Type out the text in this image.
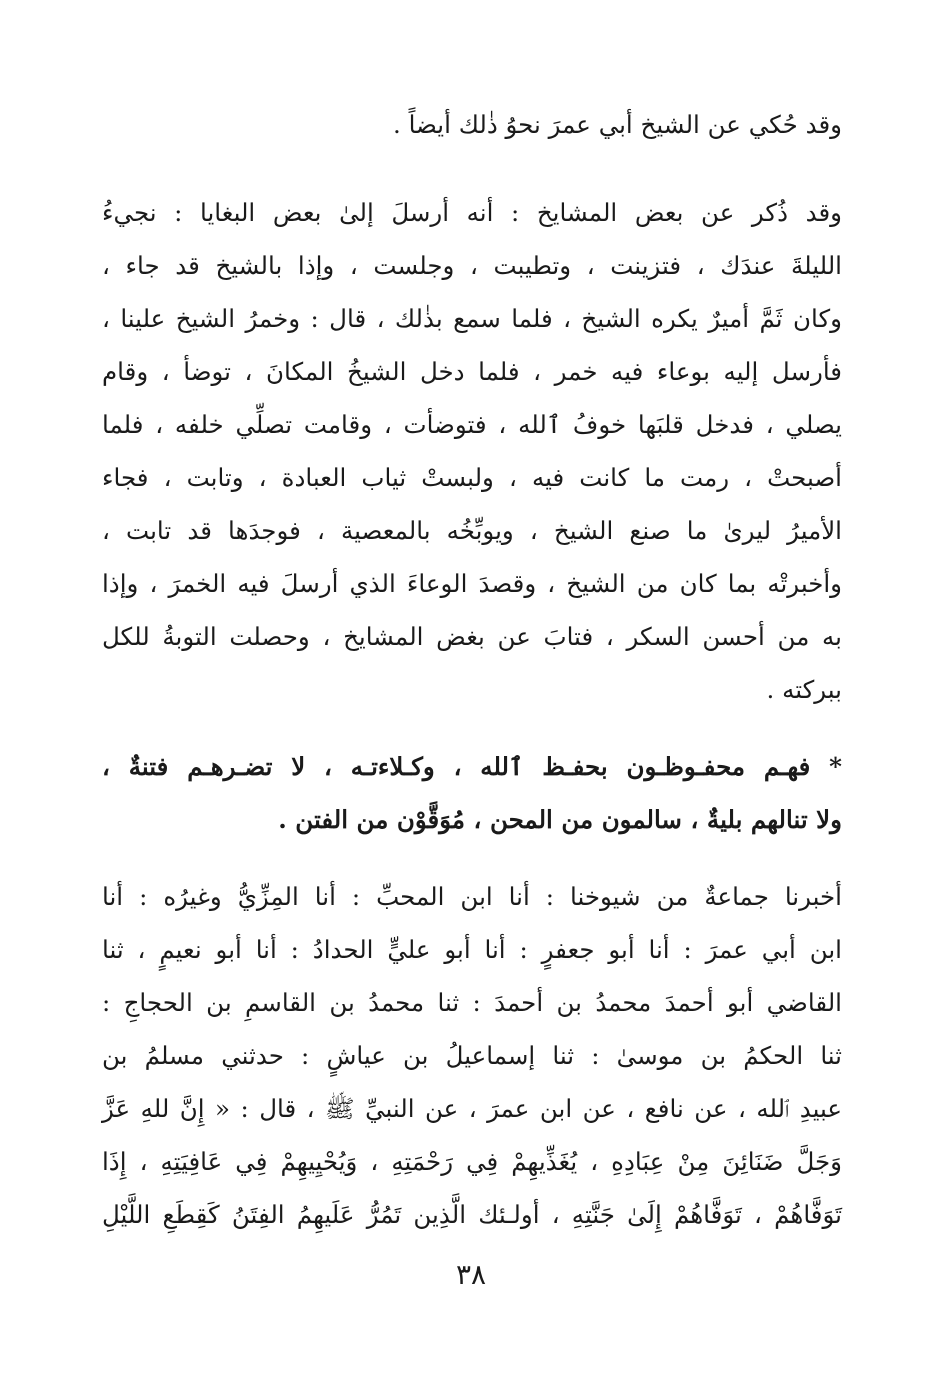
وقد حُكي عن الشيخ أبي عمرَ نحوُ ذٰلك أيضاً .
وقد ذُكر عن بعض المشايخ : أنه أرسلَ إلىٰ بعض البغايا : نجيءُ
الليلةَ عندَك ، فتزينت ، وتطيبت ، وجلست ، وإذا بالشيخ قد جاء ،
وكان ثَمَّ أميرٌ يكره الشيخ ، فلما سمع بذٰلك ، قال : وخمرُ الشيخ علينا ،
فأرسل إليه بوعاء فيه خمر ، فلما دخل الشيخُ المكانَ ، توضأ ، وقام
يصلي ، فدخل قلبَها خوفُ ٱلله ، فتوضأت ، وقامت تصلِّي خلفه ، فلما
أصبحتْ ، رمت ما كانت فيه ، ولبستْ ثياب العبادة ، وتابت ، فجاء
الأميرُ ليرىٰ ما صنع الشيخ ، ويوبِّخُه بالمعصية ، فوجدَها قد تابت ،
وأخبرتْه بما كان من الشيخ ، وقصدَ الوعاءَ الذي أرسلَ فيه الخمرَ ، وإذا
به من أحسن السكر ، فتابَ عن بغض المشايخ ، وحصلت التوبةُ للكل
ببركته .
* فهـم محفـوظـون بحفـظ ٱلله ، وكـلاءتـه ، لا تضـرهـم فتنةٌ ،
ولا تنالهم بليةٌ ، سالمون من المحن ، مُوَقَّوْن من الفتن .
أخبرنا جماعةٌ من شيوخنا : أنا ابن المحبِّ : أنا المِزِّيُّ وغيرُه : أنا
ابن أبي عمرَ : أنا أبو جعفرٍ : أنا أبو عليٍّ الحدادُ : أنا أبو نعيمٍ ، ثنا
القاضي أبو أحمدَ محمدُ بن أحمدَ : ثنا محمدُ بن القاسمِ بن الحجاجِ :
ثنا الحكمُ بن موسىٰ : ثنا إسماعيلُ بن عياشٍ : حدثني مسلمُ بن
عبيدِ ٱلله ، عن نافع ، عن ابن عمرَ ، عن النبيِّ ﷺ ، قال : « إِنَّ للهِ عَزَّ
وَجَلَّ ضَنَائِنَ مِنْ عِبَادِهِ ، يُغَذِّيهِمْ فِي رَحْمَتِهِ ، وَيُحْيِيهِمْ فِي عَافِيَتِهِ ، إِذَا
تَوَفَّاهُمْ ، تَوَفَّاهُمْ إِلَىٰ جَنَّتِهِ ، أولـئك الَّذِين تَمُرُّ عَلَيهِمُ الفِتَنُ كَقِطَعِ اللَّيْلِ
٣٨
